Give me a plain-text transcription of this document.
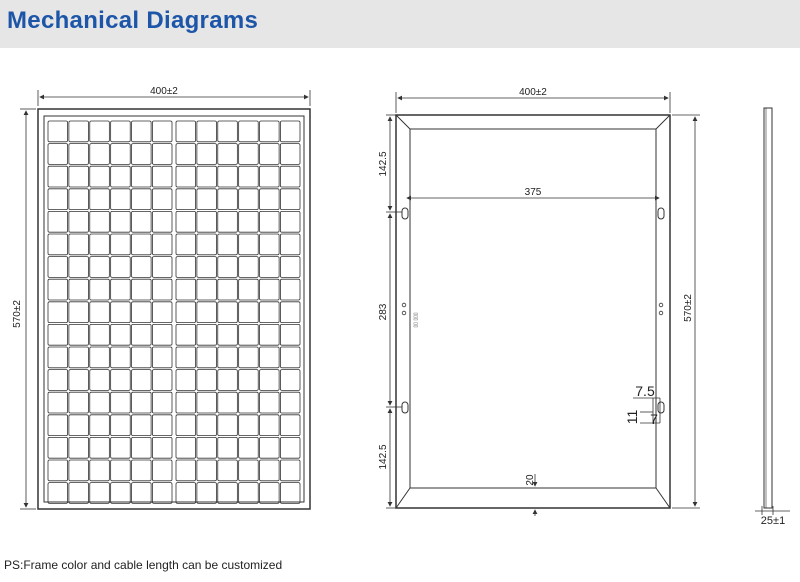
Mechanical Diagrams
400±2
570±2
400±2
375
142.5
283
142.5
570±2
20
▯▯ ▯▯▯
7.5
11 7
25±1
PS:Frame color and cable length can be customized
